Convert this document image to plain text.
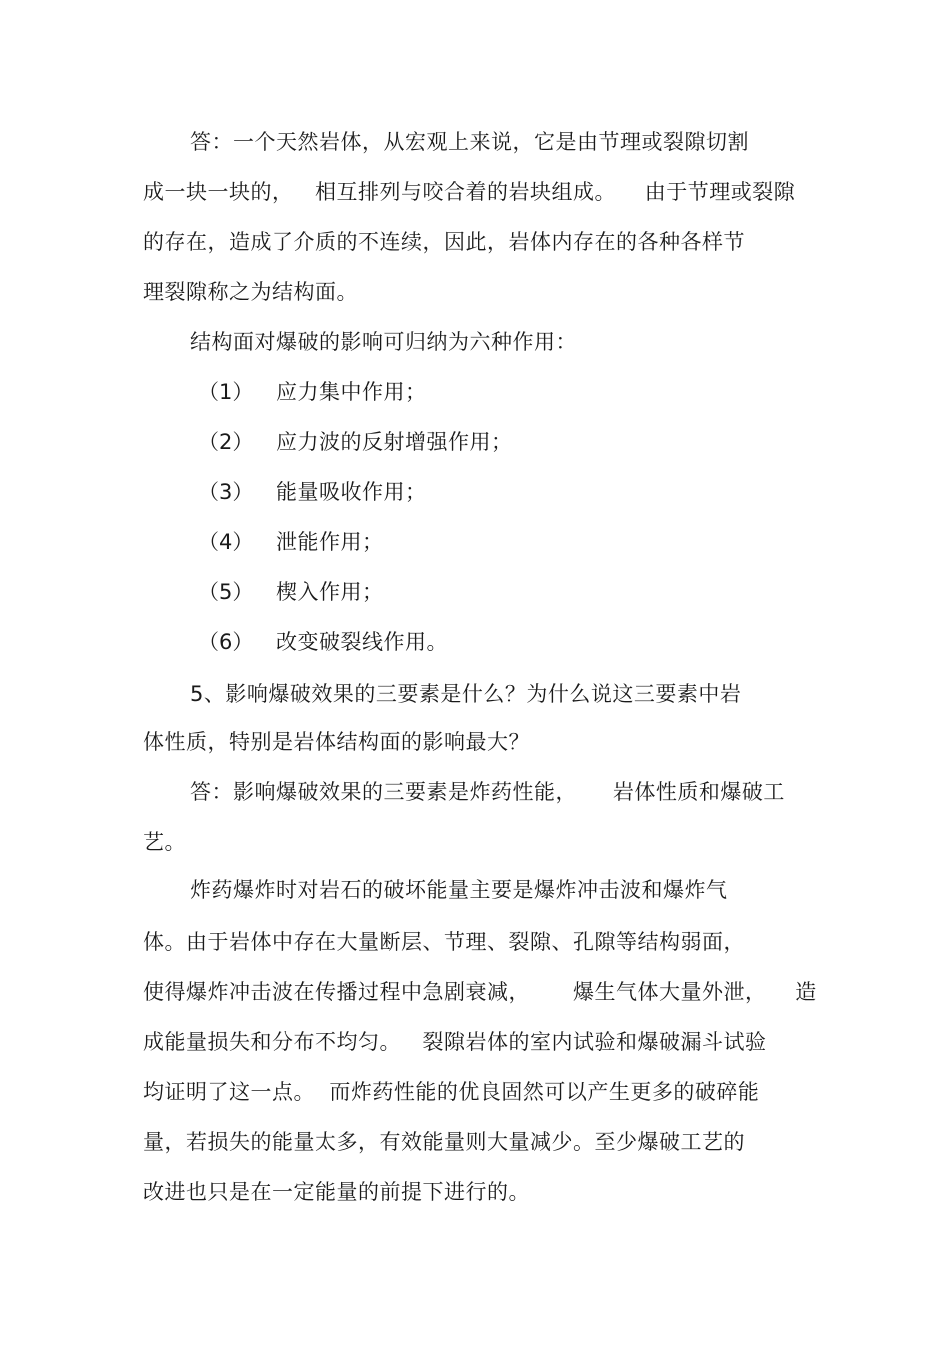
答：一个天然岩体，从宏观上来说，它是由节理或裂隙切割
成一块一块的，   相互排列与咬合着的岩块组成。    由于节理或裂隙
的存在，造成了介质的不连续，因此，岩体内存在的各种各样节
理裂隙称之为结构面。
结构面对爆破的影响可归纳为六种作用：
（1） 应力集中作用；
（2） 应力波的反射增强作用；
（3） 能量吸收作用；
（4） 泄能作用；
（5） 楔入作用；
（6） 改变破裂线作用。
5、影响爆破效果的三要素是什么？为什么说这三要素中岩
体性质，特别是岩体结构面的影响最大？
答：影响爆破效果的三要素是炸药性能，     岩体性质和爆破工
艺。
炸药爆炸时对岩石的破坏能量主要是爆炸冲击波和爆炸气
体。由于岩体中存在大量断层、节理、裂隙、孔隙等结构弱面，
使得爆炸冲击波在传播过程中急剧衰减，      爆生气体大量外泄，    造
成能量损失和分布不均匀。   裂隙岩体的室内试验和爆破漏斗试验
均证明了这一点。  而炸药性能的优良固然可以产生更多的破碎能
量，若损失的能量太多，有效能量则大量减少。至少爆破工艺的
改进也只是在一定能量的前提下进行的。
